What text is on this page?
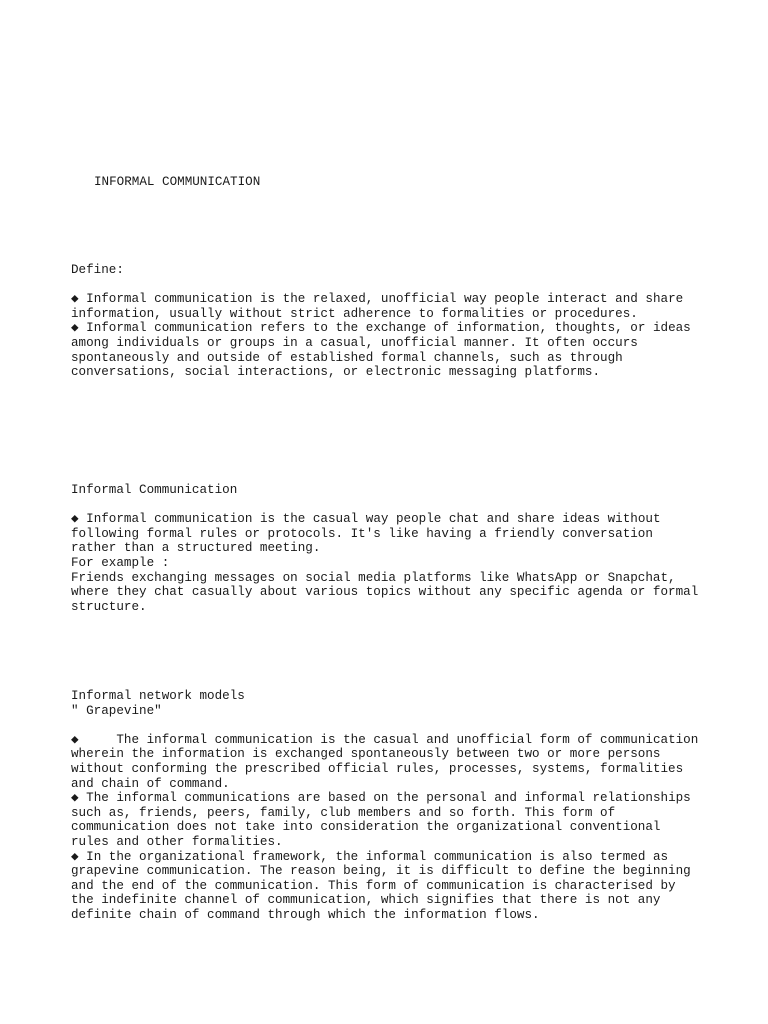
INFORMAL COMMUNICATION

Define:

◆ Informal communication is the relaxed, unofficial way people interact and share

information, usually without strict adherence to formalities or procedures.

◆ Informal communication refers to the exchange of information, thoughts, or ideas

among individuals or groups in a casual, unofficial manner. It often occurs

spontaneously and outside of established formal channels, such as through

conversations, social interactions, or electronic messaging platforms.

Informal Communication

◆ Informal communication is the casual way people chat and share ideas without

following formal rules or protocols. It's like having a friendly conversation

rather than a structured meeting.

For example :

Friends exchanging messages on social media platforms like WhatsApp or Snapchat,

where they chat casually about various topics without any specific agenda or formal

structure.

Informal network models

" Grapevine"

◆     The informal communication is the casual and unofficial form of communication

wherein the information is exchanged spontaneously between two or more persons

without conforming the prescribed official rules, processes, systems, formalities

and chain of command.

◆ The informal communications are based on the personal and informal relationships

such as, friends, peers, family, club members and so forth. This form of

communication does not take into consideration the organizational conventional

rules and other formalities.

◆ In the organizational framework, the informal communication is also termed as

grapevine communication. The reason being, it is difficult to define the beginning

and the end of the communication. This form of communication is characterised by

the indefinite channel of communication, which signifies that there is not any

definite chain of command through which the information flows.
